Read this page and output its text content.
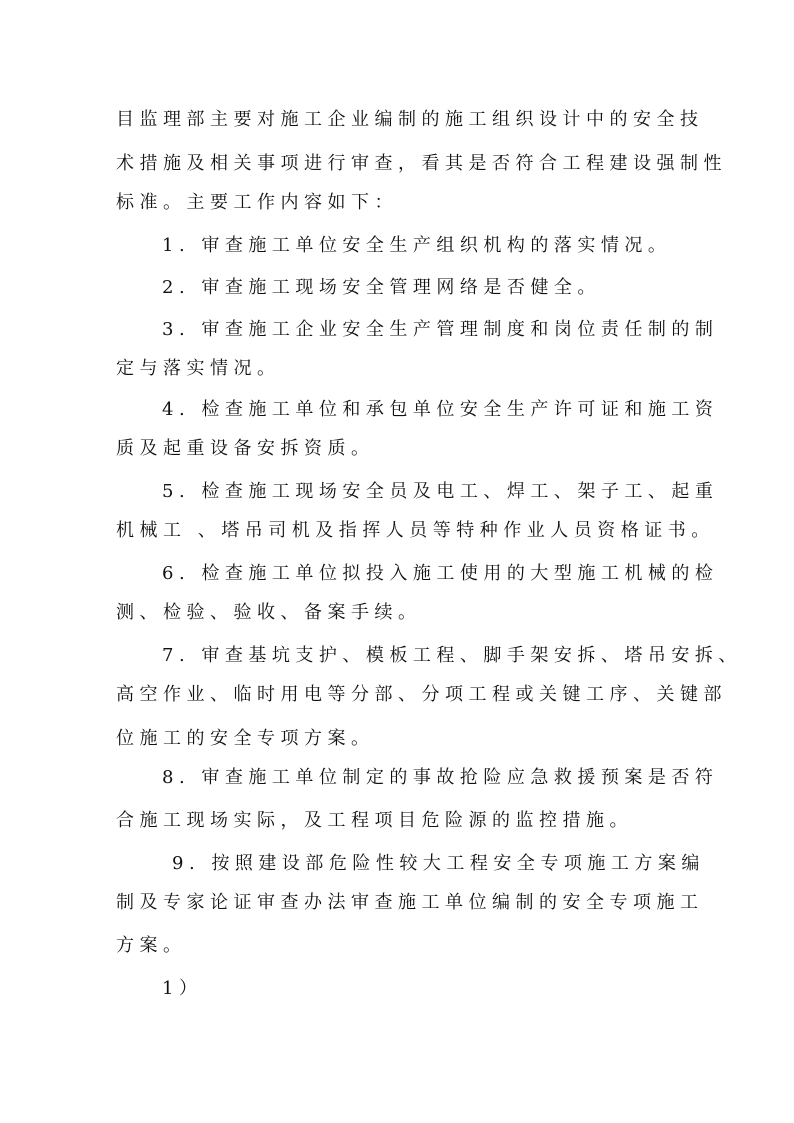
目监理部主要对施工企业编制的施工组织设计中的安全技
术措施及相关事项进行审查，看其是否符合工程建设强制性
标准。主要工作内容如下：
1. 审查施工单位安全生产组织机构的落实情况。
2. 审查施工现场安全管理网络是否健全。
3. 审查施工企业安全生产管理制度和岗位责任制的制
定与落实情况。
4. 检查施工单位和承包单位安全生产许可证和施工资
质及起重设备安拆资质。
5. 检查施工现场安全员及电工、焊工、架子工、起重
机械工 、塔吊司机及指挥人员等特种作业人员资格证书。
6. 检查施工单位拟投入施工使用的大型施工机械的检
测、检验、验收、备案手续。
7. 审查基坑支护、模板工程、脚手架安拆、塔吊安拆、
高空作业、临时用电等分部、分项工程或关键工序、关键部
位施工的安全专项方案。
8. 审查施工单位制定的事故抢险应急救援预案是否符
合施工现场实际，及工程项目危险源的监控措施。
9. 按照建设部危险性较大工程安全专项施工方案编
制及专家论证审查办法审查施工单位编制的安全专项施工
方案。
1）
